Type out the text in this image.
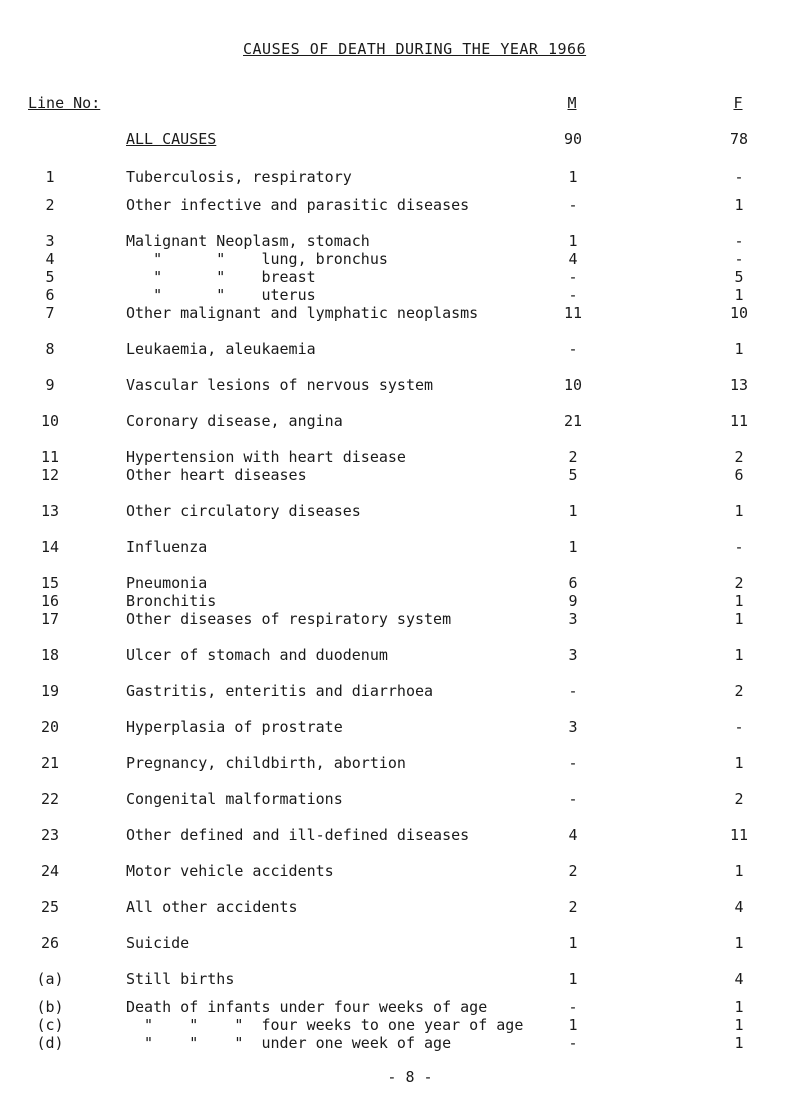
CAUSES OF DEATH DURING THE YEAR 1966
Line No:	M	F
ALL CAUSES	90	78
1	Tuberculosis, respiratory	1	-
2	Other infective and parasitic diseases	-	1
3	Malignant Neoplasm, stomach	1	-
4	"      "    lung, bronchus	4	-
5	"      "    breast	-	5
6	"      "    uterus	-	1
7	Other malignant and lymphatic neoplasms	11	10
8	Leukaemia, aleukaemia	-	1
9	Vascular lesions of nervous system	10	13
10	Coronary disease, angina	21	11
11	Hypertension with heart disease	2	2
12	Other heart diseases	5	6
13	Other circulatory diseases	1	1
14	Influenza	1	-
15	Pneumonia	6	2
16	Bronchitis	9	1
17	Other diseases of respiratory system	3	1
18	Ulcer of stomach and duodenum	3	1
19	Gastritis, enteritis and diarrhoea	-	2
20	Hyperplasia of prostrate	3	-
21	Pregnancy, childbirth, abortion	-	1
22	Congenital malformations	-	2
23	Other defined and ill-defined diseases	4	11
24	Motor vehicle accidents	2	1
25	All other accidents	2	4
26	Suicide	1	1
(a)	Still births	1	4
(b)	Death of infants under four weeks of age	-	1
(c)	"    "    "  four weeks to one year of age	1	1
(d)	"    "    "  under one week of age	-	1
- 8 -
